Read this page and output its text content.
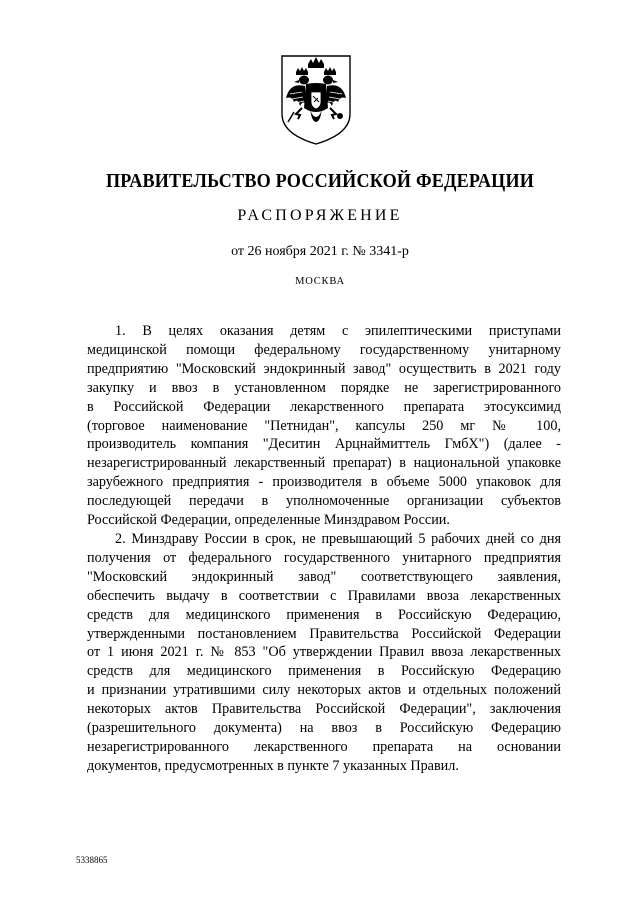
ПРАВИТЕЛЬСТВО РОССИЙСКОЙ ФЕДЕРАЦИИ
РАСПОРЯЖЕНИЕ
от 26 ноября 2021 г. № 3341-р
МОСКВА
1. В целях оказания детям с эпилептическими приступами
медицинской помощи федеральному государственному унитарному
предприятию "Московский эндокринный завод" осуществить в 2021 году
закупку и ввоз в установленном порядке не зарегистрированного
в Российской Федерации лекарственного препарата этосуксимид
(торговое наименование "Петнидан", капсулы 250 мг № 100,
производитель компания "Деситин Арцнаймиттель ГмбХ") (далее -
незарегистрированный лекарственный препарат) в национальной упаковке
зарубежного предприятия - производителя в объеме 5000 упаковок для
последующей передачи в уполномоченные организации субъектов
Российской Федерации, определенные Минздравом России.
2. Минздраву России в срок, не превышающий 5 рабочих дней со дня
получения от федерального государственного унитарного предприятия
"Московский эндокринный завод" соответствующего заявления,
обеспечить выдачу в соответствии с Правилами ввоза лекарственных
средств для медицинского применения в Российскую Федерацию,
утвержденными постановлением Правительства Российской Федерации
от 1 июня 2021 г. № 853 "Об утверждении Правил ввоза лекарственных
средств для медицинского применения в Российскую Федерацию
и признании утратившими силу некоторых актов и отдельных положений
некоторых актов Правительства Российской Федерации", заключения
(разрешительного документа) на ввоз в Российскую Федерацию
незарегистрированного лекарственного препарата на основании
документов, предусмотренных в пункте 7 указанных Правил.
5338865
